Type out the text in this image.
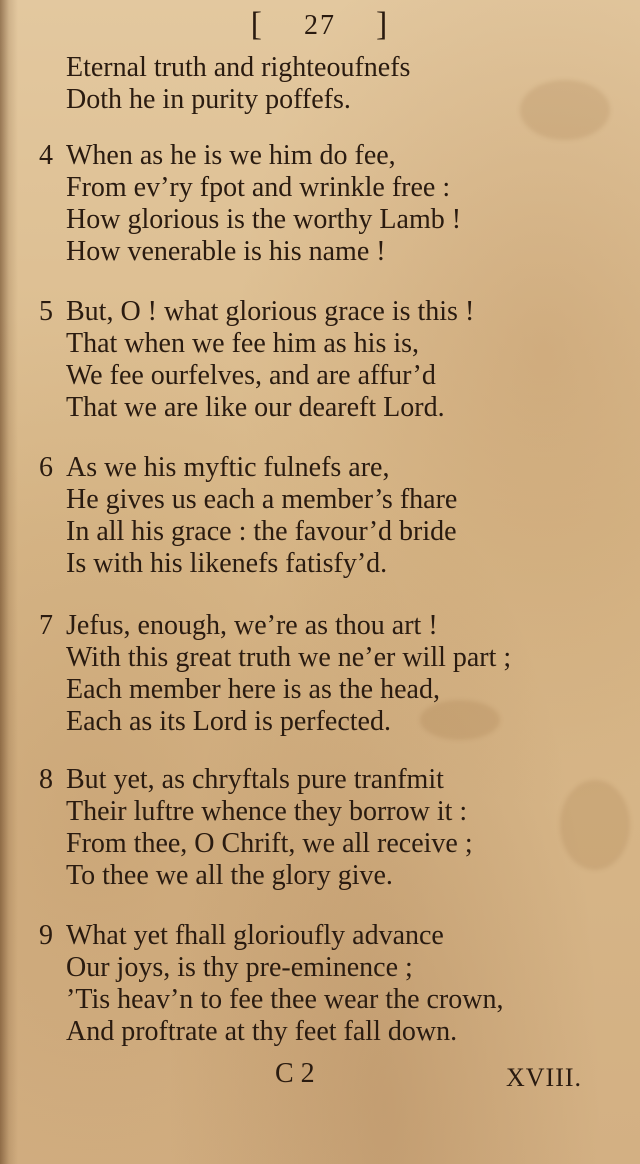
[ 27 ]
Eternal truth and righteoufnefs
Doth he in purity poffefs.
4 When as he is we him do fee,
From ev’ry fpot and wrinkle free :
How glorious is the worthy Lamb !
How venerable is his name !
5 But, O ! what glorious grace is this !
That when we fee him as his is,
We fee ourfelves, and are affur’d
That we are like our deareft Lord.
6 As we his myftic fulnefs are,
He gives us each a member’s fhare
In all his grace : the favour’d bride
Is with his likenefs fatisfy’d.
7 Jefus, enough, we’re as thou art !
With this great truth we ne’er will part ;
Each member here is as the head,
Each as its Lord is perfected.
8 But yet, as chryftals pure tranfmit
Their luftre whence they borrow it :
From thee, O Chrift, we all receive ;
To thee we all the glory give.
9 What yet fhall glorioufly advance
Our joys, is thy pre-eminence ;
’Tis heav’n to fee thee wear the crown,
And proftrate at thy feet fall down.
C 2	XVIII.
